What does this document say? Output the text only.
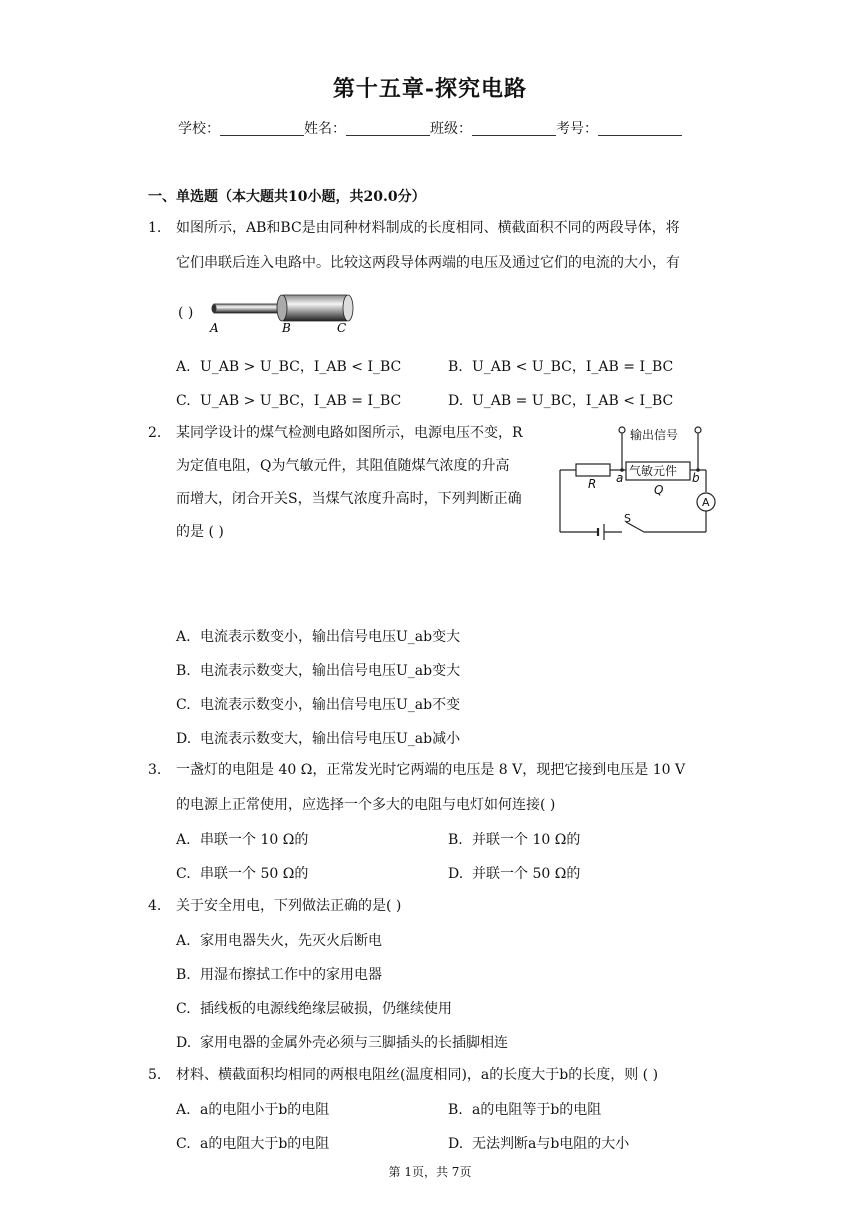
第十五章-探究电路
学校：	姓名：	班级：	考号：
一、单选题（本大题共10小题，共20.0分）
1. 如图所示，AB和BC是由同种材料制成的长度相同、横截面积不同的两段导体，将
它们串联后连入电路中。比较这两段导体两端的电压及通过它们的电流的大小，有
( )
A	B	C
A. U_AB > U_BC，I_AB < I_BC	B. U_AB < U_BC，I_AB = I_BC
C. U_AB > U_BC，I_AB = I_BC	D. U_AB = U_BC，I_AB < I_BC
2. 某同学设计的煤气检测电路如图所示，电源电压不变，R
为定值电阻，Q为气敏元件，其阻值随煤气浓度的升高
而增大，闭合开关S，当煤气浓度升高时，下列判断正确
的是 ( )
输出信号
气敏元件
R a
Q
b
A
S
A. 电流表示数变小，输出信号电压U_ab变大
B. 电流表示数变大，输出信号电压U_ab变大
C. 电流表示数变小，输出信号电压U_ab不变
D. 电流表示数变大，输出信号电压U_ab减小
3. 一盏灯的电阻是 40 Ω，正常发光时它两端的电压是 8 V，现把它接到电压是 10 V
的电源上正常使用，应选择一个多大的电阻与电灯如何连接( )
A. 串联一个 10 Ω的	B. 并联一个 10 Ω的
C. 串联一个 50 Ω的	D. 并联一个 50 Ω的
4. 关于安全用电，下列做法正确的是( )
A. 家用电器失火，先灭火后断电
B. 用湿布擦拭工作中的家用电器
C. 插线板的电源线绝缘层破损，仍继续使用
D. 家用电器的金属外壳必须与三脚插头的长插脚相连
5. 材料、横截面积均相同的两根电阻丝(温度相同)，a的长度大于b的长度，则 ( )
A. a的电阻小于b的电阻	B. a的电阻等于b的电阻
C. a的电阻大于b的电阻	D. 无法判断a与b电阻的大小
第 1页，共 7页
